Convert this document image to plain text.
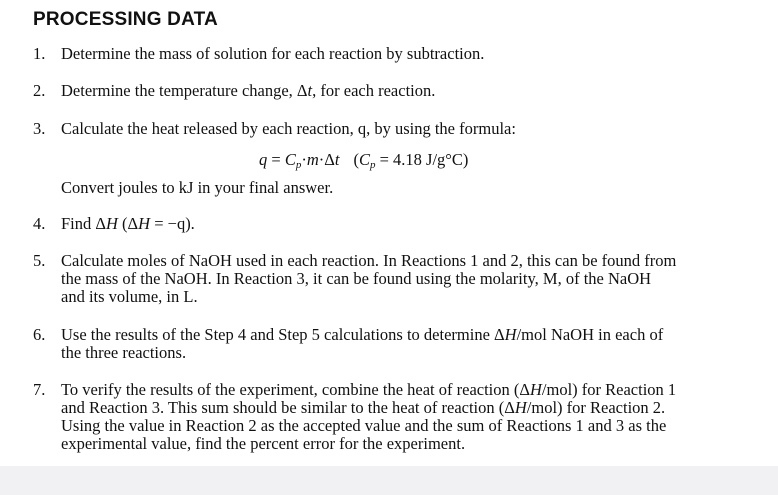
PROCESSING DATA
1. Determine the mass of solution for each reaction by subtraction.
2. Determine the temperature change, Δt, for each reaction.
3. Calculate the heat released by each reaction, q, by using the formula:
$q = C_p\cdot m\cdot\Delta t$ ($C_p = 4.18$ J/g°C)
Convert joules to kJ in your final answer.
4. Find ΔH (ΔH = −q).
5. Calculate moles of NaOH used in each reaction. In Reactions 1 and 2, this can be found from
the mass of the NaOH. In Reaction 3, it can be found using the molarity, M, of the NaOH
and its volume, in L.
6. Use the results of the Step 4 and Step 5 calculations to determine ΔH/mol NaOH in each of
the three reactions.
7. To verify the results of the experiment, combine the heat of reaction (ΔH/mol) for Reaction 1
and Reaction 3. This sum should be similar to the heat of reaction (ΔH/mol) for Reaction 2.
Using the value in Reaction 2 as the accepted value and the sum of Reactions 1 and 3 as the
experimental value, find the percent error for the experiment.
